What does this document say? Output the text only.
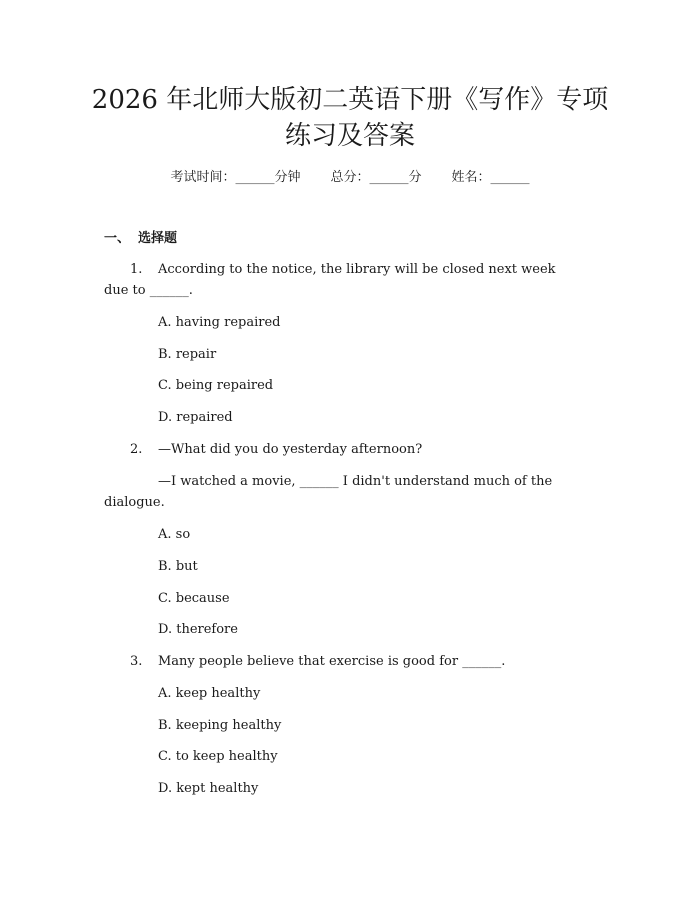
2026 年北师大版初二英语下册《写作》专项
练习及答案
考试时间：______分钟 总分：______分 姓名：______
一、 选择题
1. According to the notice, the library will be closed next week
due to ______.
A. having repaired
B. repair
C. being repaired
D. repaired
2. —What did you do yesterday afternoon?
—I watched a movie, ______ I didn't understand much of the
dialogue.
A. so
B. but
C. because
D. therefore
3. Many people believe that exercise is good for ______.
A. keep healthy
B. keeping healthy
C. to keep healthy
D. kept healthy
